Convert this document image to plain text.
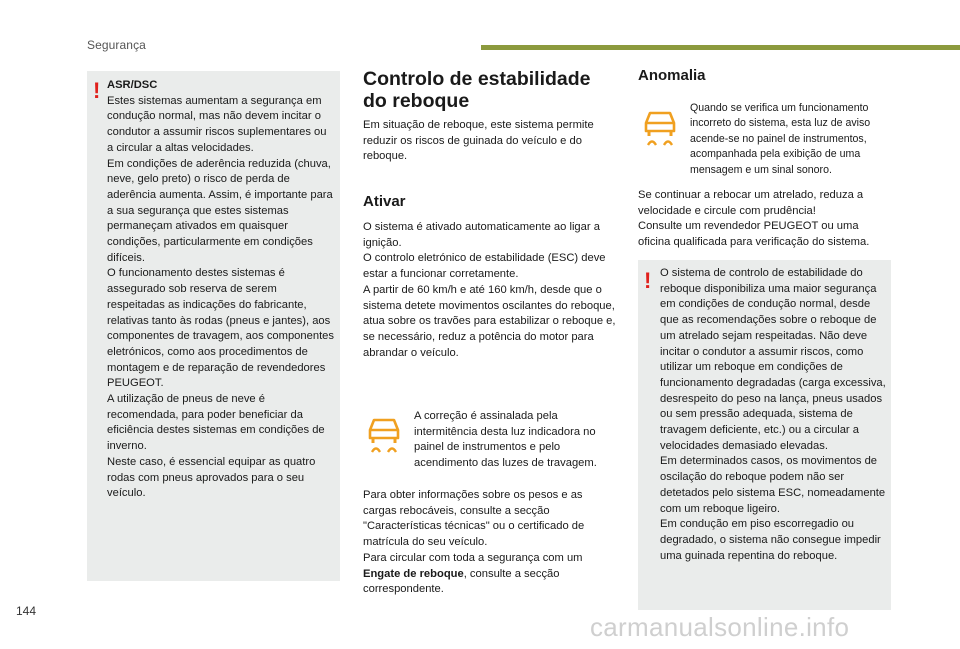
Segurança
! ASR/DSC

Estes sistemas aumentam a segurança em condução normal, mas não devem incitar o condutor a assumir riscos suplementares ou a circular a altas velocidades.

Em condições de aderência reduzida (chuva, neve, gelo preto) o risco de perda de aderência aumenta. Assim, é importante para a sua segurança que estes sistemas permaneçam ativados em quaisquer condições, particularmente em condições difíceis.

O funcionamento destes sistemas é assegurado sob reserva de serem respeitadas as indicações do fabricante, relativas tanto às rodas (pneus e jantes), aos componentes de travagem, aos componentes eletrónicos, como aos procedimentos de montagem e de reparação de revendedores PEUGEOT.

A utilização de pneus de neve é recomendada, para poder beneficiar da eficiência destes sistemas em condições de inverno.

Neste caso, é essencial equipar as quatro rodas com pneus aprovados para o seu veículo.

Controlo de estabilidade do reboque

Em situação de reboque, este sistema permite reduzir os riscos de guinada do veículo e do reboque.

Ativar

O sistema é ativado automaticamente ao ligar a ignição.

O controlo eletrónico de estabilidade (ESC) deve estar a funcionar corretamente.

A partir de 60 km/h e até 160 km/h, desde que o sistema detete movimentos oscilantes do reboque, atua sobre os travões para estabilizar o reboque e, se necessário, reduz a potência do motor para abrandar o veículo.

A correção é assinalada pela intermitência desta luz indicadora no painel de instrumentos e pelo acendimento das luzes de travagem.

Para obter informações sobre os pesos e as cargas rebocáveis, consulte a secção "Características técnicas" ou o certificado de matrícula do seu veículo.

Para circular com toda a segurança com um Engate de reboque, consulte a secção correspondente.

Anomalia

Quando se verifica um funcionamento incorreto do sistema, esta luz de aviso acende-se no painel de instrumentos, acompanhada pela exibição de uma mensagem e um sinal sonoro.

Se continuar a rebocar um atrelado, reduza a velocidade e circule com prudência!

Consulte um revendedor PEUGEOT ou uma oficina qualificada para verificação do sistema.

! O sistema de controlo de estabilidade do reboque disponibiliza uma maior segurança em condições de condução normal, desde que as recomendações sobre o reboque de um atrelado sejam respeitadas. Não deve incitar o condutor a assumir riscos, como utilizar um reboque em condições de funcionamento degradadas (carga excessiva, desrespeito do peso na lança, pneus usados ou sem pressão adequada, sistema de travagem deficiente, etc.) ou a circular a velocidades demasiado elevadas.

Em determinados casos, os movimentos de oscilação do reboque podem não ser detetados pelo sistema ESC, nomeadamente com um reboque ligeiro.

Em condução em piso escorregadio ou degradado, o sistema não consegue impedir uma guinada repentina do reboque.

144
carmanualsonline.info
